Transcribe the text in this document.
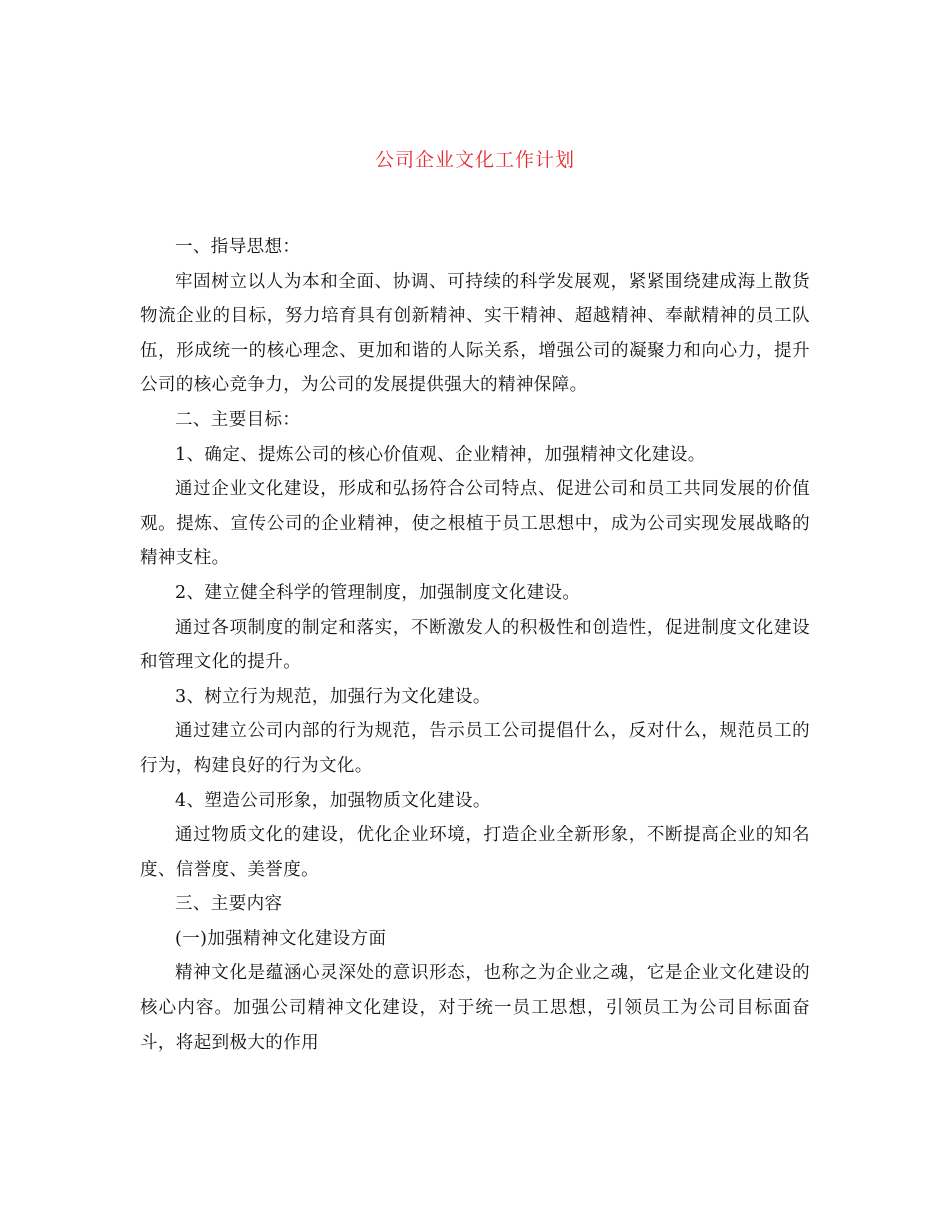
公司企业文化工作计划

一、指导思想：

牢固树立以人为本和全面、协调、可持续的科学发展观，紧紧围绕建成海上散货物流企业的目标，努力培育具有创新精神、实干精神、超越精神、奉献精神的员工队伍，形成统一的核心理念、更加和谐的人际关系，增强公司的凝聚力和向心力，提升公司的核心竞争力，为公司的发展提供强大的精神保障。

二、主要目标：

1、确定、提炼公司的核心价值观、企业精神，加强精神文化建设。

通过企业文化建设，形成和弘扬符合公司特点、促进公司和员工共同发展的价值观。提炼、宣传公司的企业精神，使之根植于员工思想中，成为公司实现发展战略的精神支柱。

2、建立健全科学的管理制度，加强制度文化建设。

通过各项制度的制定和落实，不断激发人的积极性和创造性，促进制度文化建设和管理文化的提升。

3、树立行为规范，加强行为文化建设。

通过建立公司内部的行为规范，告示员工公司提倡什么，反对什么，规范员工的行为，构建良好的行为文化。

4、塑造公司形象，加强物质文化建设。

通过物质文化的建设，优化企业环境，打造企业全新形象，不断提高企业的知名度、信誉度、美誉度。

三、主要内容

(一)加强精神文化建设方面

精神文化是蕴涵心灵深处的意识形态，也称之为企业之魂，它是企业文化建设的核心内容。加强公司精神文化建设，对于统一员工思想，引领员工为公司目标面奋斗，将起到极大的作用
